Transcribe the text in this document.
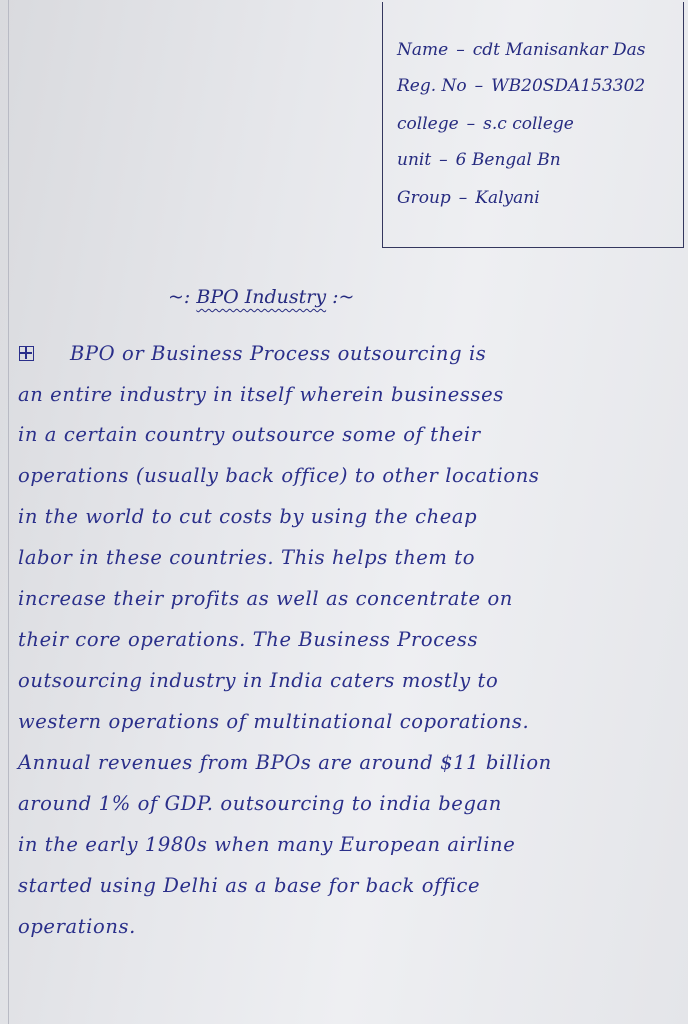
Name – cdt Manisankar Das
Reg. No – WB20SDA153302
college – s.c college
unit – 6 Bengal Bn
Group – Kalyani
~: BPO Industry :~
BPO or Business Process outsourcing is
an entire industry in itself wherein businesses
in a certain country outsource some of their
operations (usually back office) to other locations
in the world to cut costs by using the cheap
labor in these countries. This helps them to
increase their profits as well as concentrate on
their core operations. The Business Process
outsourcing industry in India caters mostly to
western operations of multinational coporations.
Annual revenues from BPOs are around $11 billion
around 1% of GDP. outsourcing to india began
in the early 1980s when many European airline
started using Delhi as a base for back office
operations.
